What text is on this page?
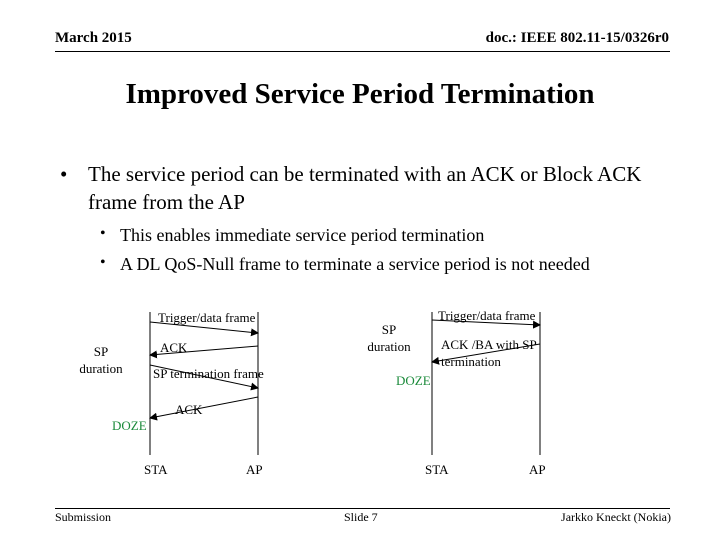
March 2015	doc.: IEEE 802.11-15/0326r0
Improved Service Period Termination
• The service period can be terminated with an ACK or Block ACK frame from the AP
• This enables immediate service period termination
• A DL QoS-Null frame to terminate a service period is not needed
Trigger/data frame
ACK
SP termination frame
ACK
SP
duration
DOZE
STA	AP
Trigger/data frame
ACK /BA with SP
termination
SP
duration
DOZE
STA	AP
Submission	Slide 7	Jarkko Kneckt (Nokia)
